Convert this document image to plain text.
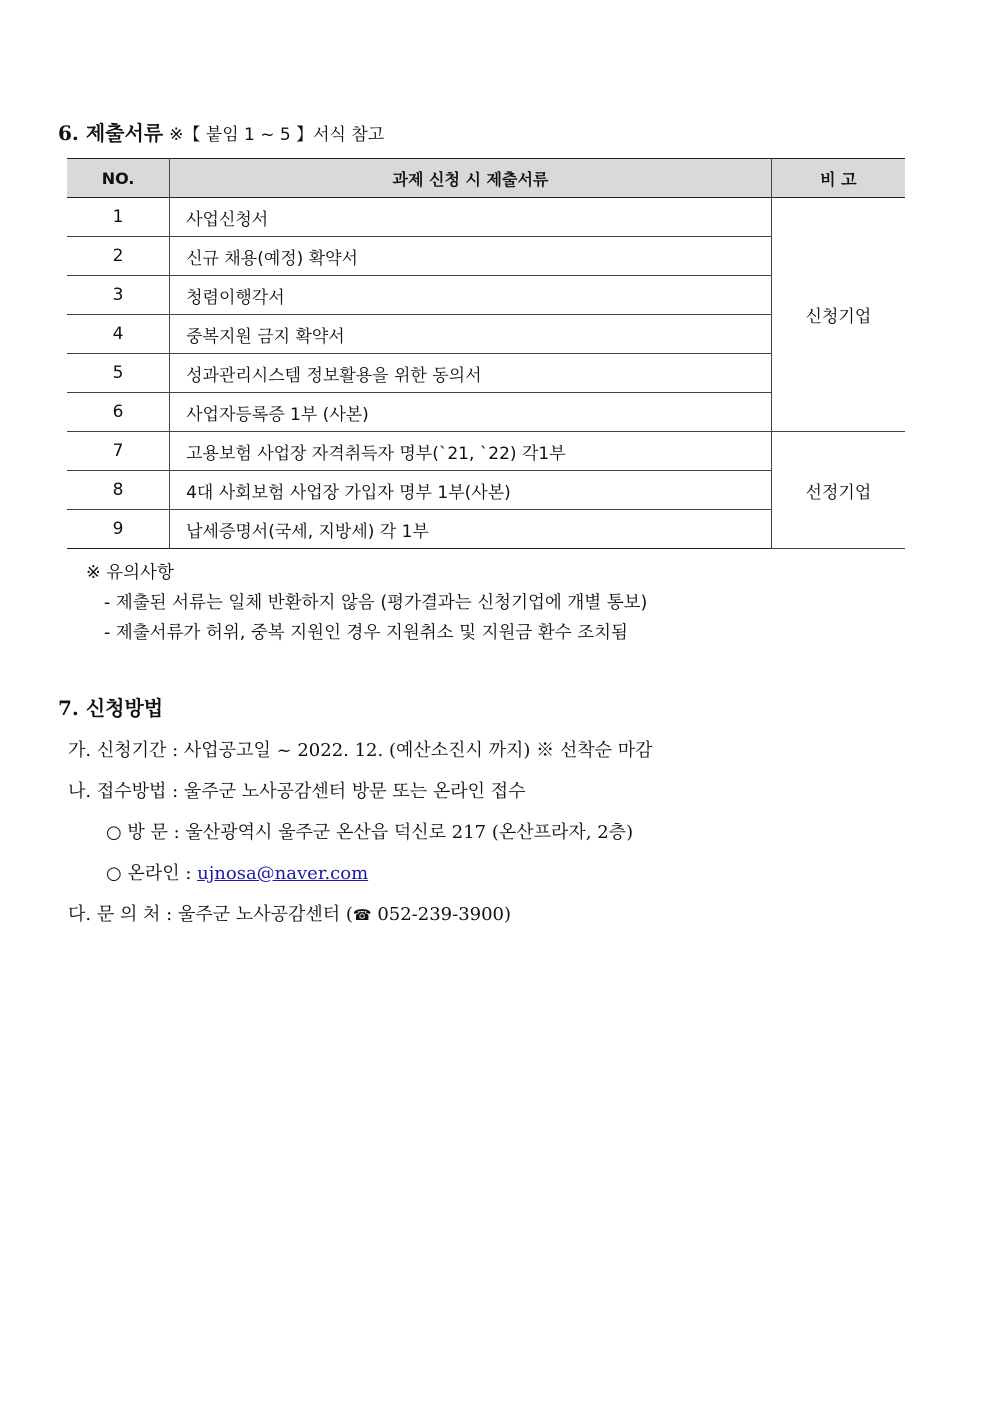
6. 제출서류 ※【 붙임 1 ~ 5 】서식 참고
NO.	과제 신청 시 제출서류	비 고
1	사업신청서	신청기업
2	신규 채용(예정) 확약서	
3	청렴이행각서	
4	중복지원 금지 확약서	
5	성과관리시스템 정보활용을 위한 동의서	
6	사업자등록증 1부 (사본)	
7	고용보험 사업장 자격취득자 명부(`21, `22) 각1부	선정기업
8	4대 사회보험 사업장 가입자 명부 1부(사본)	
9	납세증명서(국세, 지방세) 각 1부	
※ 유의사항
- 제출된 서류는 일체 반환하지 않음 (평가결과는 신청기업에 개별 통보)
- 제출서류가 허위, 중복 지원인 경우 지원취소 및 지원금 환수 조치됨
7. 신청방법
가. 신청기간 : 사업공고일 ~ 2022. 12. (예산소진시 까지) ※ 선착순 마감
나. 접수방법 : 울주군 노사공감센터 방문 또는 온라인 접수
○ 방 문 : 울산광역시 울주군 온산읍 덕신로 217 (온산프라자, 2층)
○ 온라인 : ujnosa@naver.com
다. 문 의 처 : 울주군 노사공감센터 (☎ 052-239-3900)
